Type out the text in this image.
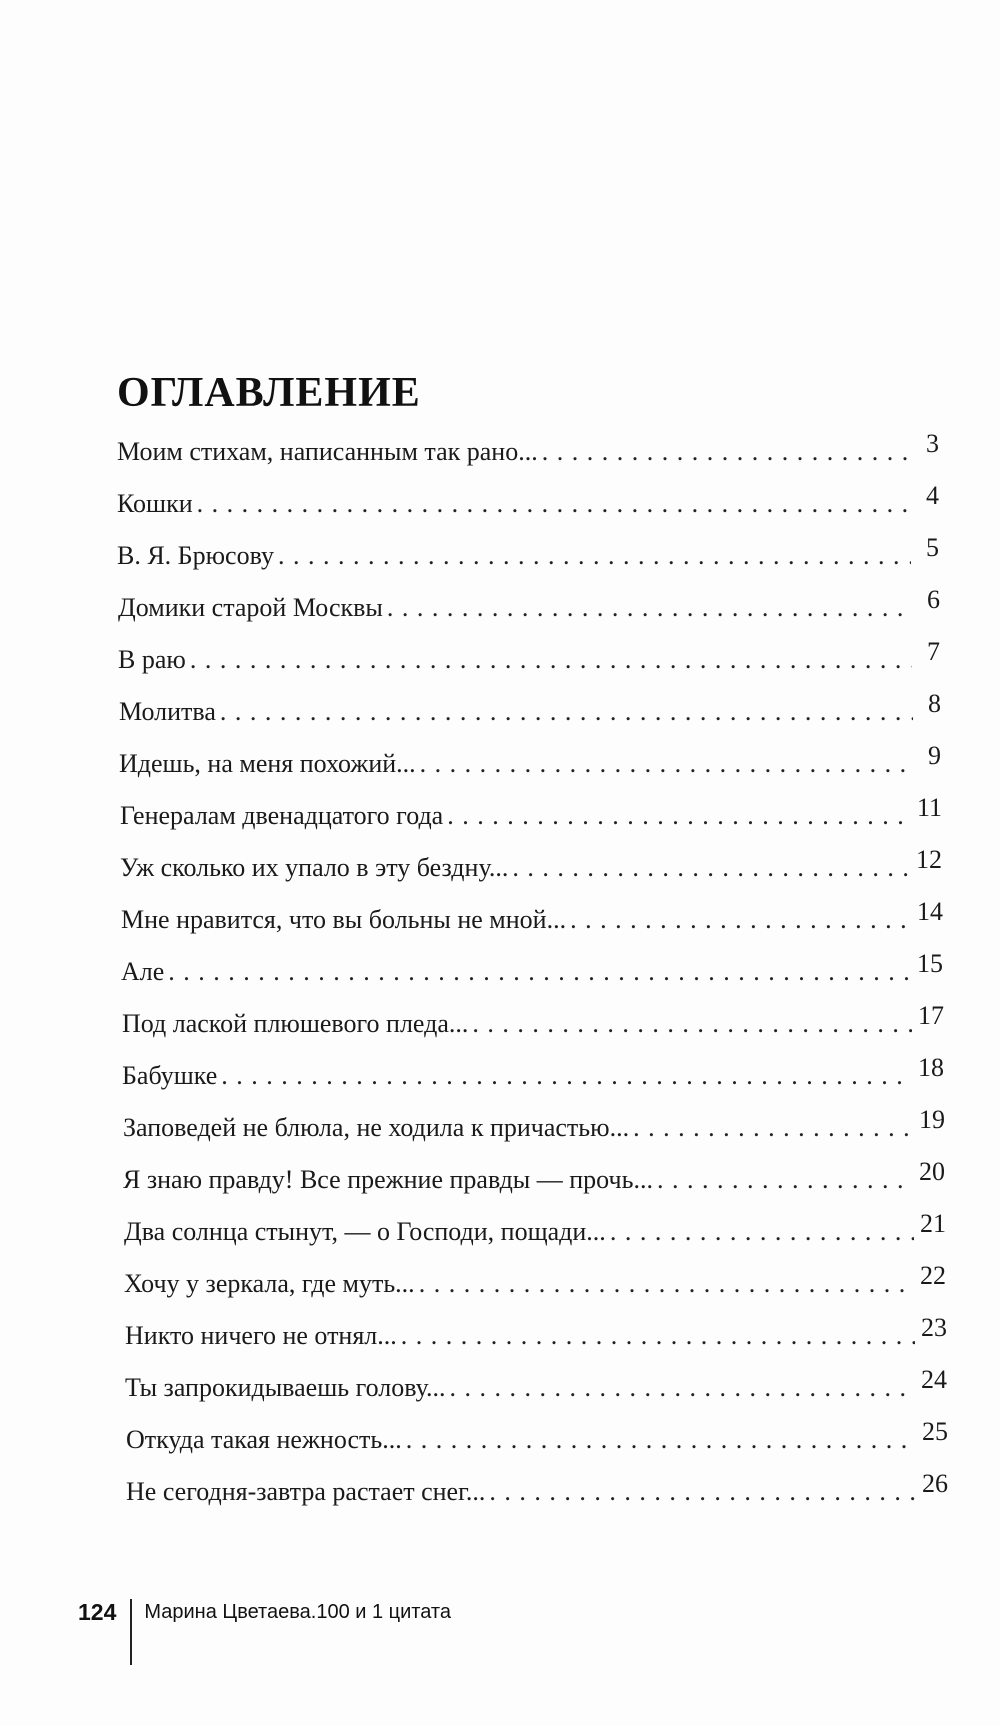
ОГЛАВЛЕНИЕ
Моим стихам, написанным так рано... . . .	3
Кошки . . .	4
В. Я. Брюсову . . .	5
Домики старой Москвы . . .	6
В раю . . .	7
Молитва . . .	8
Идешь, на меня похожий... . . .	9
Генералам двенадцатого года . . .	11
Уж сколько их упало в эту бездну... . . .	12
Мне нравится, что вы больны не мной... . . .	14
Але . . .	15
Под лаской плюшевого пледа... . . .	17
Бабушке . . .	18
Заповедей не блюла, не ходила к причастью... . . .	19
Я знаю правду! Все прежние правды — прочь... . . .	20
Два солнца стынут, — о Господи, пощади... . . .	21
Хочу у зеркала, где муть... . . .	22
Никто ничего не отнял... . . .	23
Ты запрокидываешь голову... . . .	24
Откуда такая нежность... . . .	25
Не сегодня-завтра растает снег... . . .	26
124 Марина Цветаева.100 и 1 цитата
